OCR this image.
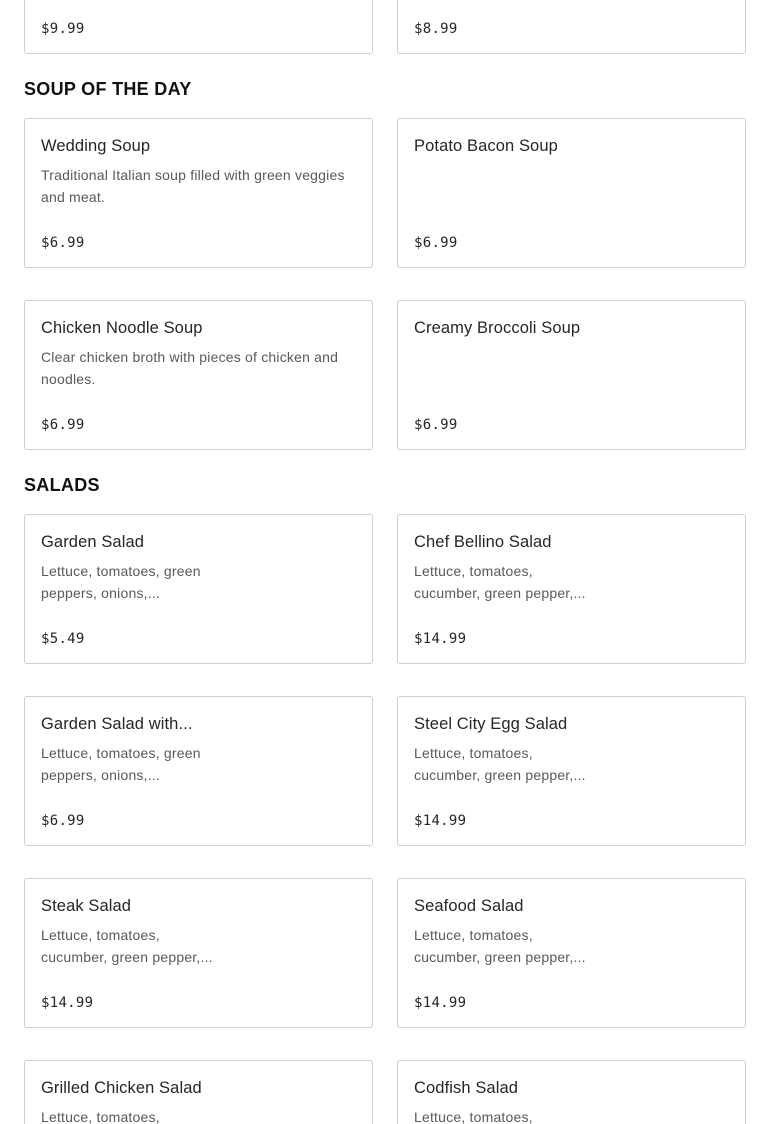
$9.99	$8.99
SOUP OF THE DAY
Wedding Soup
Traditional Italian soup filled with green veggies and meat.
$6.99
Potato Bacon Soup
$6.99
Chicken Noodle Soup
Clear chicken broth with pieces of chicken and noodles.
$6.99
Creamy Broccoli Soup
$6.99
SALADS
Garden Salad
Lettuce, tomatoes, green peppers, onions,...
$5.49
Chef Bellino Salad
Lettuce, tomatoes, cucumber, green pepper,...
$14.99
Garden Salad with...
Lettuce, tomatoes, green peppers, onions,...
$6.99
Steel City Egg Salad
Lettuce, tomatoes, cucumber, green pepper,...
$14.99
Steak Salad
Lettuce, tomatoes, cucumber, green pepper,...
$14.99
Seafood Salad
Lettuce, tomatoes, cucumber, green pepper,...
$14.99
Grilled Chicken Salad
Lettuce, tomatoes,
Codfish Salad
Lettuce, tomatoes,
